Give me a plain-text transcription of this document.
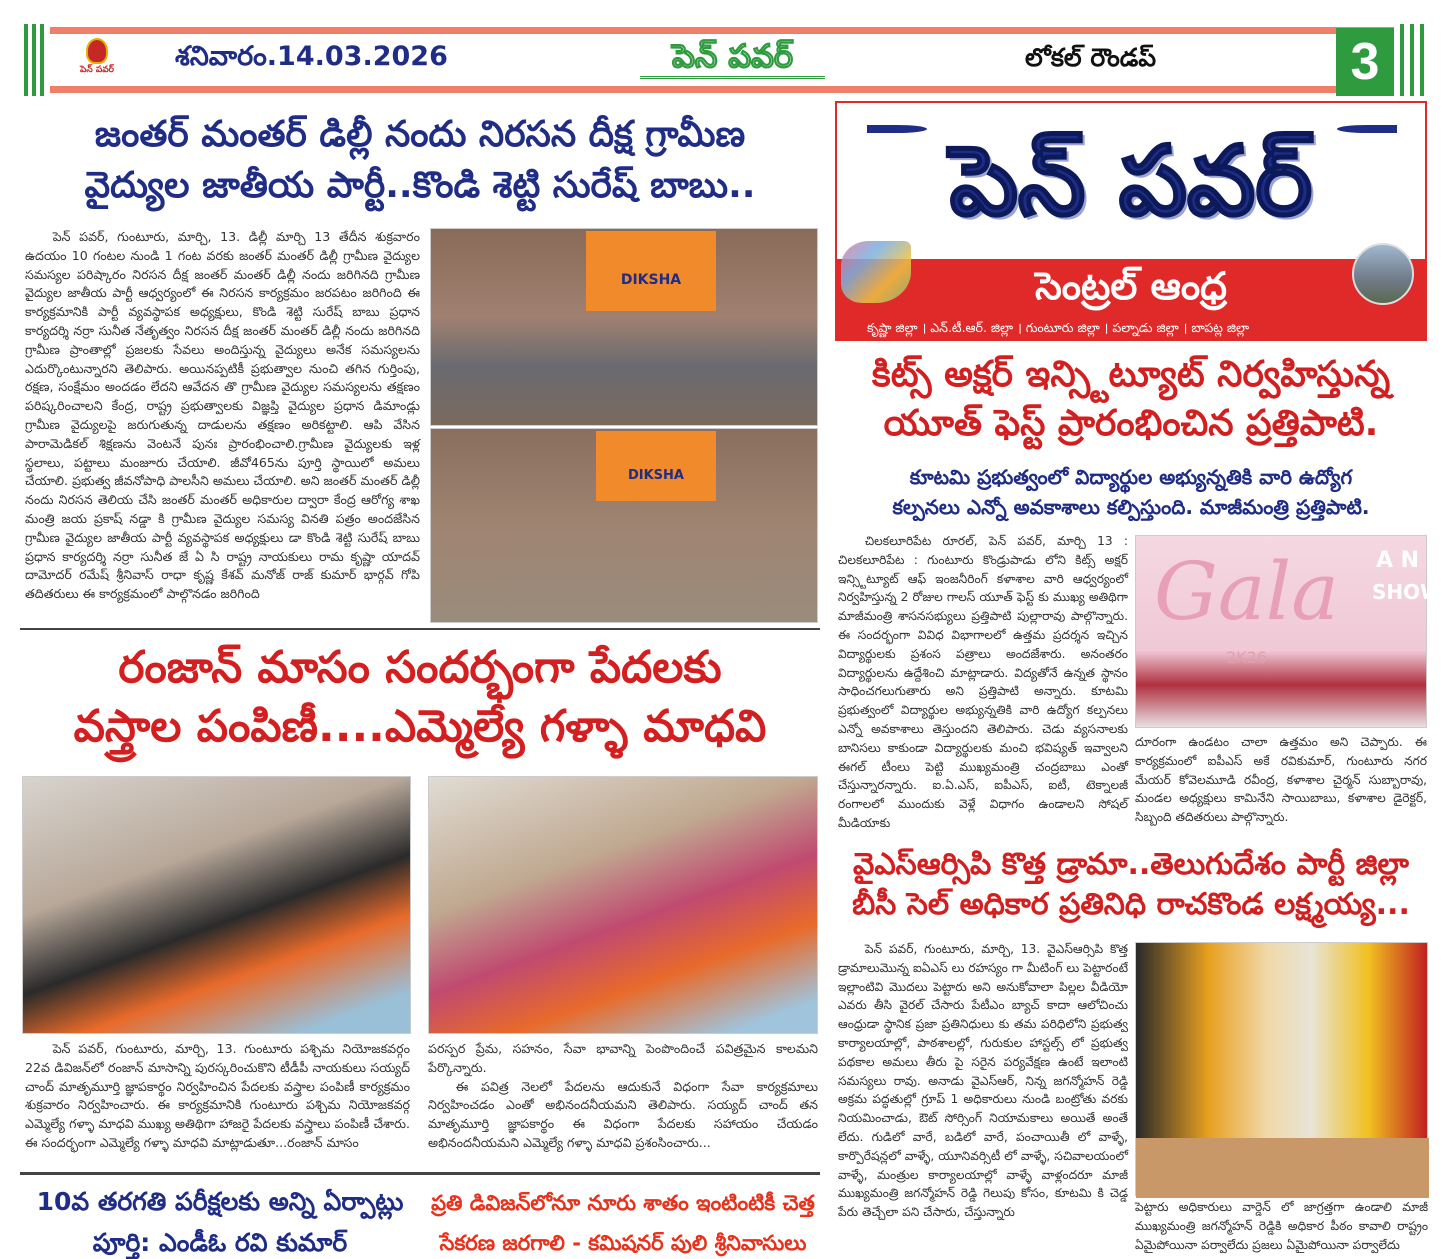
పెన్ పవర్	శనివారం.14.03.2026	పెన్ పవర్	లోకల్ రౌండప్	3
జంతర్ మంతర్ డిల్లీ నందు నిరసన దీక్ష గ్రామీణ
వైద్యుల జాతీయ పార్టీ..కొండి శెట్టి సురేష్ బాబు..

పెన్ పవర్, గుంటూరు, మార్చి, 13. డిల్లీ మార్చి 13 తేదీన శుక్రవారం ఉదయం 10 గంటల నుండి 1 గంట వరకు జంతర్ మంతర్ డిల్లీ గ్రామీణ వైద్యుల సమస్యల పరిష్కారం నిరసన దీక్ష జంతర్ మంతర్ డిల్లీ నందు జరిగినది గ్రామీణ వైద్యుల జాతీయ పార్టీ ఆధ్వర్యంలో ఈ నిరసన కార్యక్రమం జరపటం జరిగింది ఈ కార్యక్రమానికి పార్టీ వ్యవస్థాపక అధ్యక్షులు, కొండి శెట్టి సురేష్ బాబు ప్రధాన కార్యదర్శి నర్రా సునీత నేతృత్వం నిరసన దీక్ష జంతర్ మంతర్ డిల్లీ నందు జరిగినది గ్రామీణ ప్రాంతాల్లో ప్రజలకు సేవలు అందిస్తున్న వైద్యులు అనేక సమస్యలను ఎదుర్కొంటున్నారని తెలిపారు. అయినప్పటికీ ప్రభుత్వాల నుంచి తగిన గుర్తింపు, రక్షణ, సంక్షేమం అందడం లేదని ఆవేదన తొ గ్రామీణ వైద్యుల సమస్యలను తక్షణం పరిష్కరించాలని కేంద్ర, రాష్ట్ర ప్రభుత్వాలకు విజ్ఞప్తి వైద్యుల ప్రధాన డిమాండ్లు గ్రామీణ వైద్యులపై జరుగుతున్న దాడులను తక్షణం అరికట్టాలి. ఆపి వేసిన పారామెడికల్ శిక్షణను వెంటనే పునః ప్రారంభించాలి.గ్రామీణ వైద్యులకు ఇళ్ల స్థలాలు, పట్టాలు మంజూరు చేయాలి. జీవో465ను పూర్తి స్థాయిలో అమలు చేయాలి. ప్రభుత్వ జీవనోపాధి పాలసీని అమలు చేయాలి. అని జంతర్ మంతర్ డిల్లీ నందు నిరసన తెలియ చేసి జంతర్ మంతర్ అధికారుల ద్వారా కేంద్ర ఆరోగ్య శాఖ మంత్రి జయ ప్రకాష్ నడ్డా కి గ్రామీణ వైద్యుల సమస్య వినతి పత్రం అందజేసిన గ్రామీణ వైద్యుల జాతీయ పార్టీ వ్యవస్థాపక అధ్యక్షులు డా కొండి శెట్టి సురేష్ బాబు ప్రధాన కార్యదర్శి నర్రా సునీత జే ఏ సి రాష్ట్ర నాయకులు రామ కృష్ణా యాదవ్ దామోదర్ రమేష్ శ్రీనివాస్ రాధా కృష్ణ కేశవ్ మనోజ్ రాజ్ కుమార్ భార్గవ్ గోపి తదితరులు ఈ కార్యక్రమంలో పాల్గొనడం జరిగింది

DIKSHA
DIKSHA
రంజాన్ మాసం సందర్భంగా పేదలకు
వస్త్రాల పంపిణీ....ఎమ్మెల్యే గళ్ళా మాధవి

పెన్ పవర్, గుంటూరు, మార్చి, 13. గుంటూరు పశ్చిమ నియోజకవర్గం 22వ డివిజన్‌లో రంజాన్ మాసాన్ని పురస్కరించుకొని టీడీపీ నాయకులు సయ్యద్ చాంద్ మాతృమూర్తి జ్ఞాపకార్థం నిర్వహించిన పేదలకు వస్త్రాల పంపిణీ కార్యక్రమం శుక్రవారం నిర్వహించారు. ఈ కార్యక్రమానికి గుంటూరు పశ్చిమ నియోజకవర్గ ఎమ్మెల్యే గళ్ళా మాధవి ముఖ్య అతిథిగా హాజరై పేదలకు వస్త్రాలు పంపిణీ చేశారు. ఈ సందర్భంగా ఎమ్మెల్యే గళ్ళా మాధవి మాట్లాడుతూ...రంజాన్ మాసం

పరస్పర ప్రేమ, సహనం, సేవా భావాన్ని పెంపొందించే పవిత్రమైన కాలమని పేర్కొన్నారు.

ఈ పవిత్ర నెలలో పేదలను ఆదుకునే విధంగా సేవా కార్యక్రమాలు నిర్వహించడం ఎంతో అభినందనీయమని తెలిపారు. సయ్యద్ చాంద్ తన మాతృమూర్తి జ్ఞాపకార్థం ఈ విధంగా పేదలకు సహాయం చేయడం అభినందనీయమని ఎమ్మెల్యే గళ్ళా మాధవి ప్రశంసించారు...

10వ తరగతి పరీక్షలకు అన్ని ఏర్పాట్లు
పూర్తి: ఎండీఓ రవి కుమార్
ప్రతి డివిజన్‌లోనూ నూరు శాతం ఇంటింటికీ చెత్త
సేకరణ జరగాలి - కమిషనర్ పులి శ్రీనివాసులు
పెన్ పవర్
సెంట్రల్ ఆంధ్ర
కృష్ణా జిల్లా । ఎన్.టీ.ఆర్. జిల్లా । గుంటూరు జిల్లా । పల్నాడు జిల్లా । బాపట్ల జిల్లా
కిట్స్ అక్షర్ ఇన్స్టిట్యూట్ నిర్వహిస్తున్న
యూత్ ఫెస్ట్ ప్రారంభించిన ప్రత్తిపాటి.
కూటమి ప్రభుత్వంలో విద్యార్థుల అభ్యున్నతికి వారి ఉద్యోగ
కల్పనలు ఎన్నో అవకాశాలు కల్పిస్తుంది. మాజీమంత్రి ప్రత్తిపాటి.

చిలకలూరిపేట రూరల్, పెన్ పవర్, మార్చి 13 : చిలకలూరిపేట : గుంటూరు కొండ్రుపాడు లోని కిట్స్ అక్షర్ ఇన్స్టిట్యూట్ ఆఫ్ ఇంజనీరింగ్ కళాశాల వారి ఆధ్వర్యంలో నిర్వహిస్తున్న 2 రోజుల గాలస్ యూత్ ఫెస్ట్ కు ముఖ్య అతిథిగా మాజీమంత్రి శాసనసభ్యులు ప్రత్తిపాటి పుల్లారావు పాల్గొన్నారు. ఈ సందర్భంగా వివిధ విభాగాలలో ఉత్తమ ప్రదర్శన ఇచ్చిన విద్యార్థులకు ప్రశంస పత్రాలు అందజేశారు. అనంతరం విద్యార్థులను ఉద్దేశించి మాట్లాడారు. విద్యతోనే ఉన్నత స్థానం సాధించగలుగుతారు అని ప్రత్తిపాటి అన్నారు. కూటమి ప్రభుత్వంలో విద్యార్థుల అభ్యున్నతికి వారి ఉద్యోగ కల్పనలు ఎన్నో అవకాశాలు తెస్తుందని తెలిపారు. చెడు వ్యసనాలకు బానిసలు కాకుండా విద్యార్థులకు మంచి భవిష్యత్ ఇవ్వాలని ఈగల్ టీంలు పెట్టి ముఖ్యమంత్రి చంద్రబాబు ఎంతో చేస్తున్నారన్నారు. ఐ.ఏ.ఎస్, ఐపీఎస్, ఐటీ, టెక్నాలజీ రంగాలలో ముందుకు వెళ్లే విధాగం ఉండాలని సోషల్ మీడియాకు

Gala
2K26
A N
SHOW

దూరంగా ఉండటం చాలా ఉత్తమం అని చెప్పారు. ఈ కార్యక్రమంలో ఐపీఎస్ అకే రవికుమార్, గుంటూరు నగర మేయర్ కోవెలమూడి రవీంద్ర, కళాశాల చైర్మన్ సుబ్బారావు, మండల అధ్యక్షులు కామినేని సాయిబాబు, కళాశాల డైరెక్టర్, సిబ్బంది తదితరులు పాల్గొన్నారు.

వైఎస్ఆర్సిపి కొత్త డ్రామా..తెలుగుదేశం పార్టీ జిల్లా
బీసీ సెల్ అధికార ప్రతినిధి రాచకొండ లక్ష్మయ్య...

పెన్ పవర్, గుంటూరు, మార్చి, 13. వైఎస్ఆర్సిపి కొత్త డ్రామాలుమొన్న ఐఏఎస్ లు రహస్యం గా మీటింగ్ లు పెట్టారంటే ఇల్లాంటివి మొదలు పెట్టారు అని అనుకోవాలా పిల్లల వీడియో ఎవరు తీసి వైరల్ చేసారు పేటీఎం బ్యాచ్ కాదా ఆలోచించు ఆంధ్రుడా స్థానిక ప్రజా ప్రతినిధులు కు తమ పరిధిలోని ప్రభుత్వ కార్యాలయాల్లో, పాఠశాలల్లో, గురుకుల హాస్టల్స్ లో ప్రభుత్వ పథకాల అమలు తీరు పై సరైన పర్యవేక్షణ ఉంటే ఇలాంటి సమస్యలు రావు. అనాడు వైఎస్ఆర్, నిన్న జగన్మోహన్ రెడ్డి అక్రమ పద్ధతుల్లో గ్రూప్ 1 అధికారులు నుండి బంట్రోతు వరకు నియమించాడు, ఔట్ సోర్సింగ్ నియామకాలు అయితే అంతే లేదు. గుడిలో వారే, బడిలో వారే, పంచాయితీ లో వాళ్ళే, కార్పొరేషన్లలో వాళ్ళే, యూనివర్సిటీ లో వాళ్ళే, సచివాలయంలో వాళ్ళే, మంత్రుల కార్యాలయాల్లో వాళ్ళే వాళ్లందరూ మాజీ ముఖ్యమంత్రి జగన్మోహన్ రెడ్డి గెలుపు కోసం, కూటమి కి చెడ్డ పేరు తెచ్చేలా పని చేసారు, చేస్తున్నారు	పెట్టారు అధికారులు వార్డెన్ లో జాగ్రత్తగా ఉండాలి మాజీ ముఖ్యమంత్రి జగన్మోహన్ రెడ్డికి అధికార పీఠం కావాలి రాష్ట్రం ఏమైపోయినా పర్వాలేదు ప్రజలు ఏమైపోయినా పర్వాలేదు
